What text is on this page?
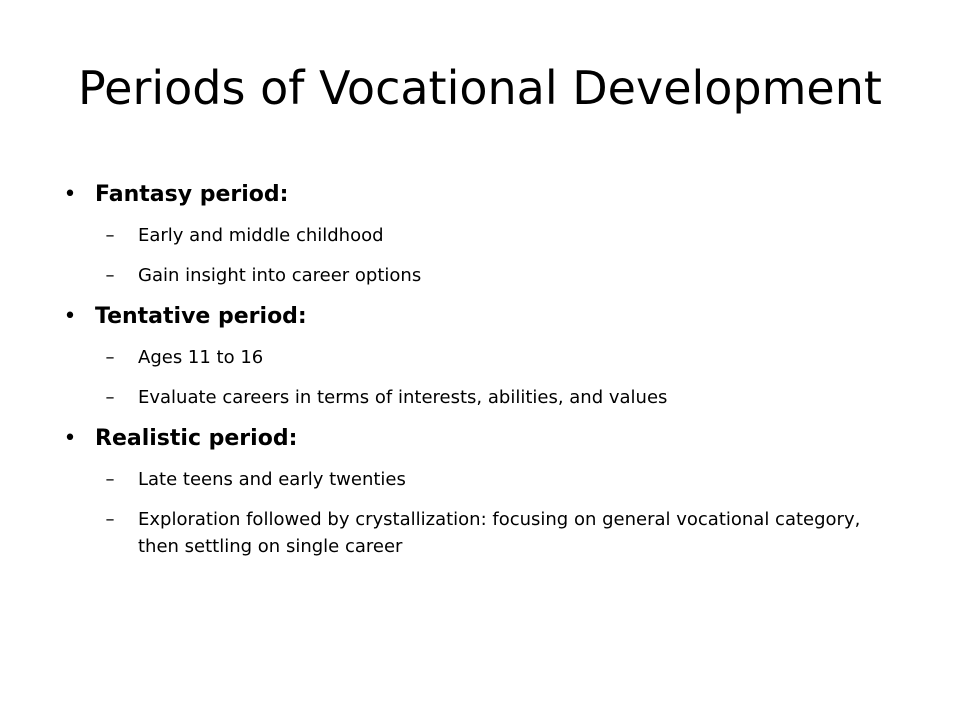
Periods of Vocational Development
• Fantasy period:
–	Early and middle childhood
–	Gain insight into career options
• Tentative period:
–	Ages 11 to 16
–	Evaluate careers in terms of interests, abilities, and values
• Realistic period:
–	Late teens and early twenties
–	Exploration followed by crystallization: focusing on general vocational category, then settling on single career
